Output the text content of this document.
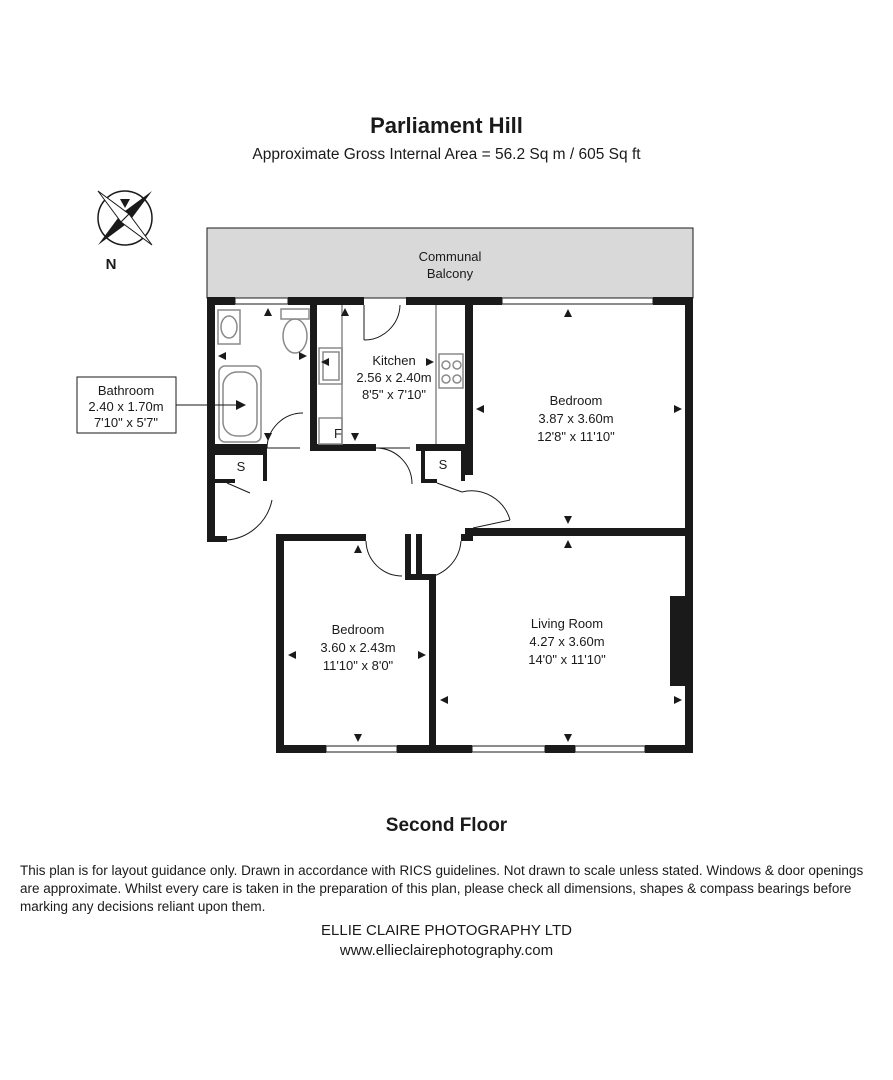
Parliament Hill
Approximate Gross Internal Area = 56.2 Sq m / 605 Sq ft
N	Communal
Balcony
F
S	S
Bathroom
2.40 x 1.70m
7'10" x 5'7"
Kitchen
2.56 x 2.40m
8'5" x 7'10"	Bedroom
3.87 x 3.60m
12'8" x 11'10"
Bedroom
3.60 x 2.43m
11'10" x 8'0"
Living Room
4.27 x 3.60m
14'0" x 11'10"
Second Floor
This plan is for layout guidance only. Drawn in accordance with RICS guidelines. Not drawn to scale unless stated. Windows & door openings are approximate. Whilst every care is taken in the preparation of this plan, please check all dimensions, shapes & compass bearings before marking any decisions reliant upon them.
ELLIE CLAIRE PHOTOGRAPHY LTD
www.ellieclairephotography.com
